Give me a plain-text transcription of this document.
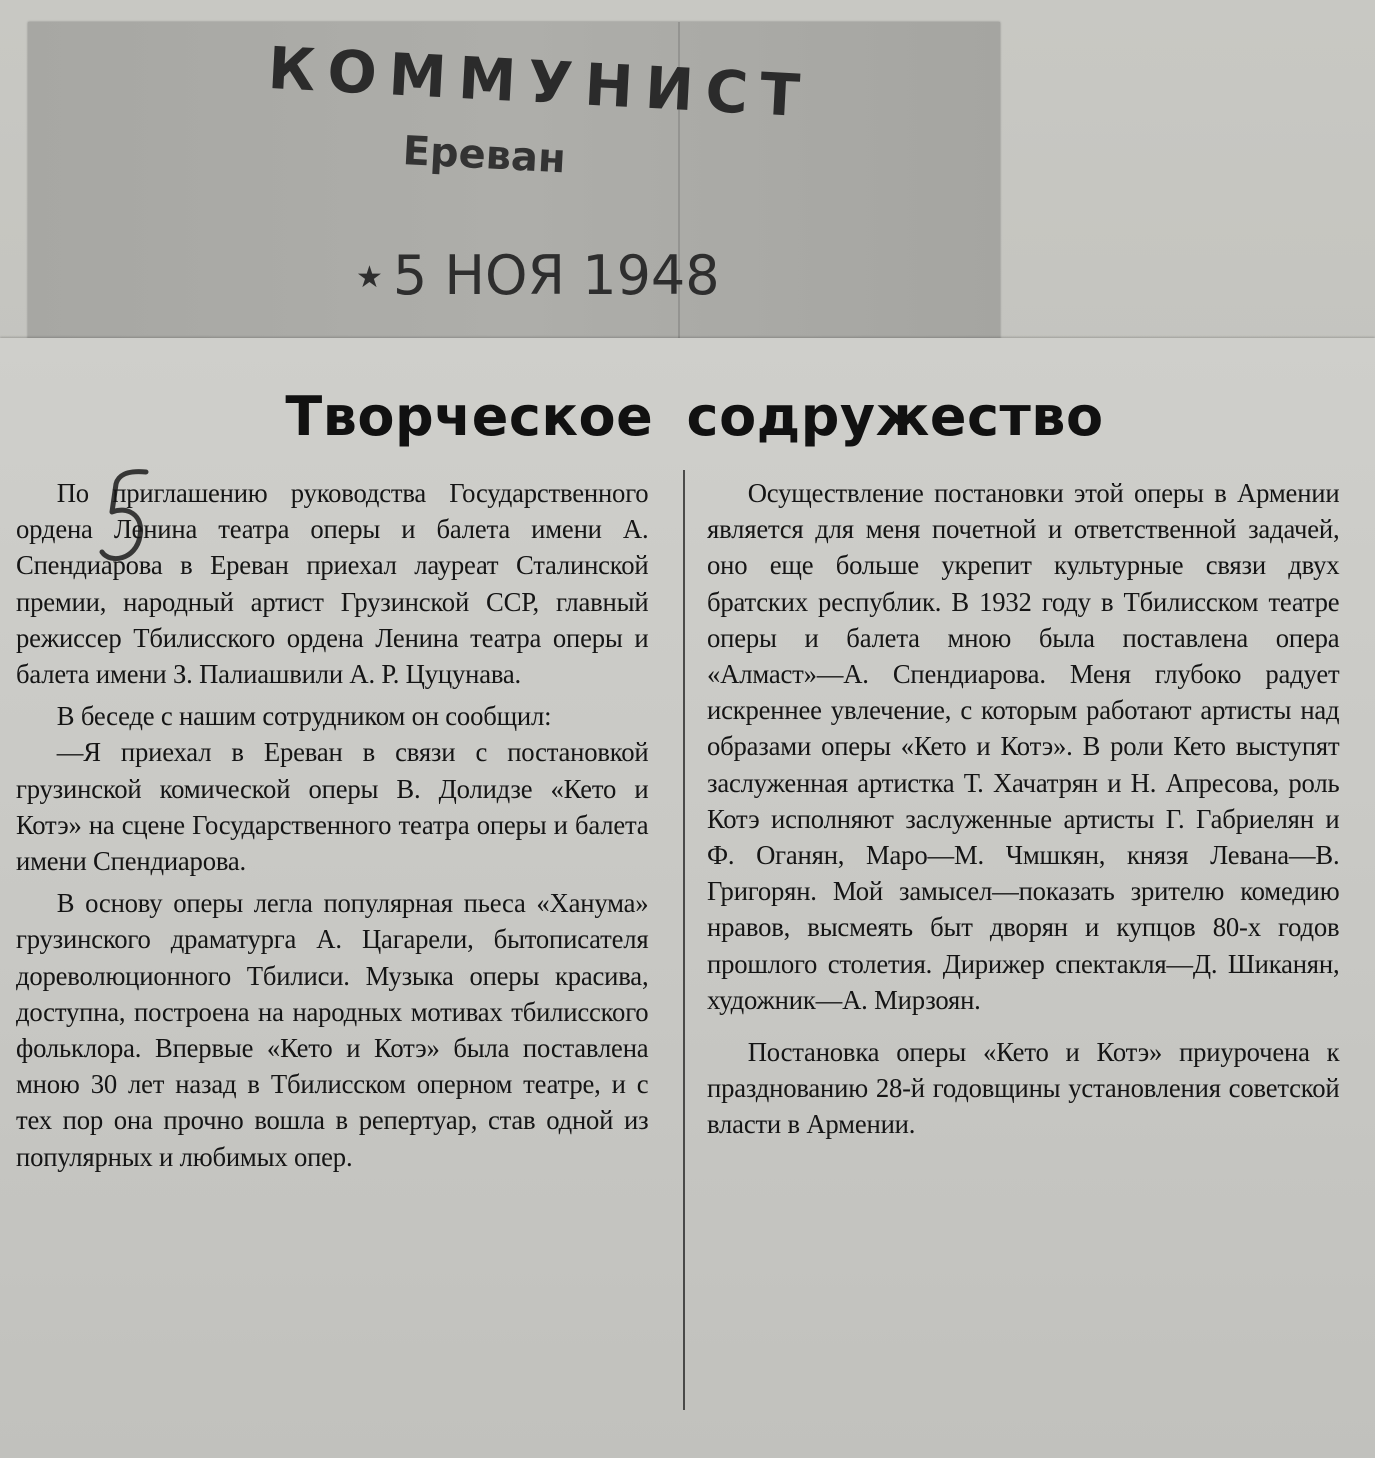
КОММУНИСТ
Ереван
★ 5 НОЯ 1948
Творческое содружество

По приглашению руководства Государственного ордена Ленина театра оперы и балета имени А. Спендиарова в Ереван приехал лауреат Сталинской премии, народный артист Грузинской ССР, главный режиссер Тбилисского ордена Ленина театра оперы и балета имени З. Палиашвили А. Р. Цуцунава.

В беседе с нашим сотрудником он сообщил:

—Я приехал в Ереван в связи с постановкой грузинской комической оперы В. Долидзе «Кето и Котэ» на сцене Государственного театра оперы и балета имени Спендиарова.

В основу оперы легла популярная пьеса «Ханума» грузинского драматурга А. Цагарели, бытописателя дореволюционного Тбилиси. Музыка оперы красива, доступна, построена на народных мотивах тбилисского фольклора. Впервые «Кето и Котэ» была поставлена мною 30 лет назад в Тбилисском оперном театре, и с тех пор она прочно вошла в репертуар, став одной из популярных и любимых опер.

Осуществление постановки этой оперы в Армении является для меня почетной и ответственной задачей, оно еще больше укрепит культурные связи двух братских республик. В 1932 году в Тбилисском театре оперы и балета мною была поставлена опера «Алмаст»—А. Спендиарова. Меня глубоко радует искреннее увлечение, с которым работают артисты над образами оперы «Кето и Котэ». В роли Кето выступят заслуженная артистка Т. Хачатрян и Н. Апресова, роль Котэ исполняют заслуженные артисты Г. Габриелян и Ф. Оганян, Маро—М. Чмшкян, князя Левана—В. Григорян. Мой замысел—показать зрителю комедию нравов, высмеять быт дворян и купцов 80-х годов прошлого столетия. Дирижер спектакля—Д. Шиканян, художник—А. Мирзоян.

Постановка оперы «Кето и Котэ» приурочена к празднованию 28-й годовщины установления советской власти в Армении.
